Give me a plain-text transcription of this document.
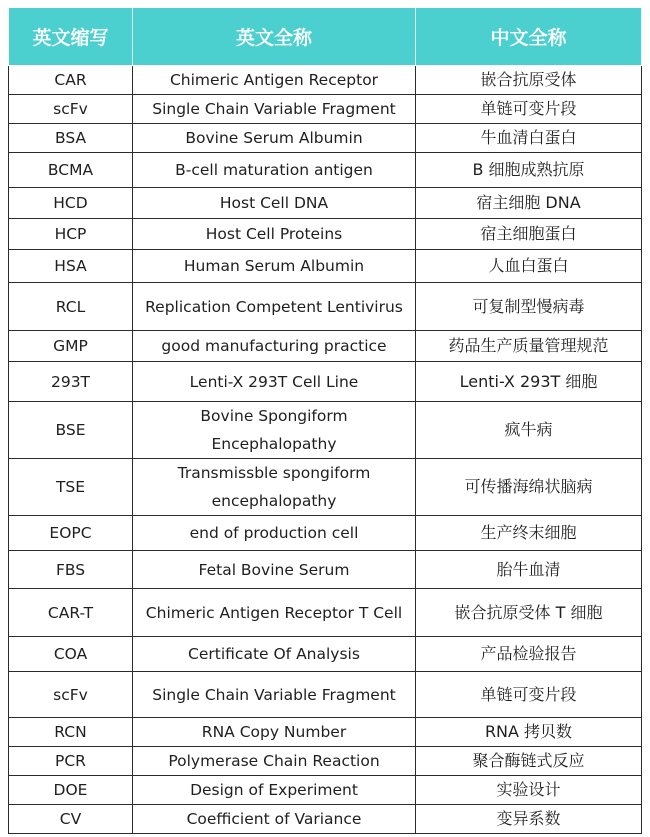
英文缩写	英文全称	中文全称
CAR	Chimeric Antigen Receptor	嵌合抗原受体
scFv	Single Chain Variable Fragment	单链可变片段
BSA	Bovine Serum Albumin	牛血清白蛋白
BCMA	B-cell maturation antigen	B 细胞成熟抗原
HCD	Host Cell DNA	宿主细胞 DNA
HCP	Host Cell Proteins	宿主细胞蛋白
HSA	Human Serum Albumin	人血白蛋白
RCL	Replication Competent Lentivirus	可复制型慢病毒
GMP	good manufacturing practice	药品生产质量管理规范
293T	Lenti-X 293T Cell Line	Lenti-X 293T 细胞
BSE	Bovine Spongiform Encephalopathy	疯牛病
TSE	Transmissble spongiform encephalopathy	可传播海绵状脑病
EOPC	end of production cell	生产终末细胞
FBS	Fetal Bovine Serum	胎牛血清
CAR-T	Chimeric Antigen Receptor T Cell	嵌合抗原受体 T 细胞
COA	Certificate Of Analysis	产品检验报告
scFv	Single Chain Variable Fragment	单链可变片段
RCN	RNA Copy Number	RNA 拷贝数
PCR	Polymerase Chain Reaction	聚合酶链式反应
DOE	Design of Experiment	实验设计
CV	Coefficient of Variance	变异系数
